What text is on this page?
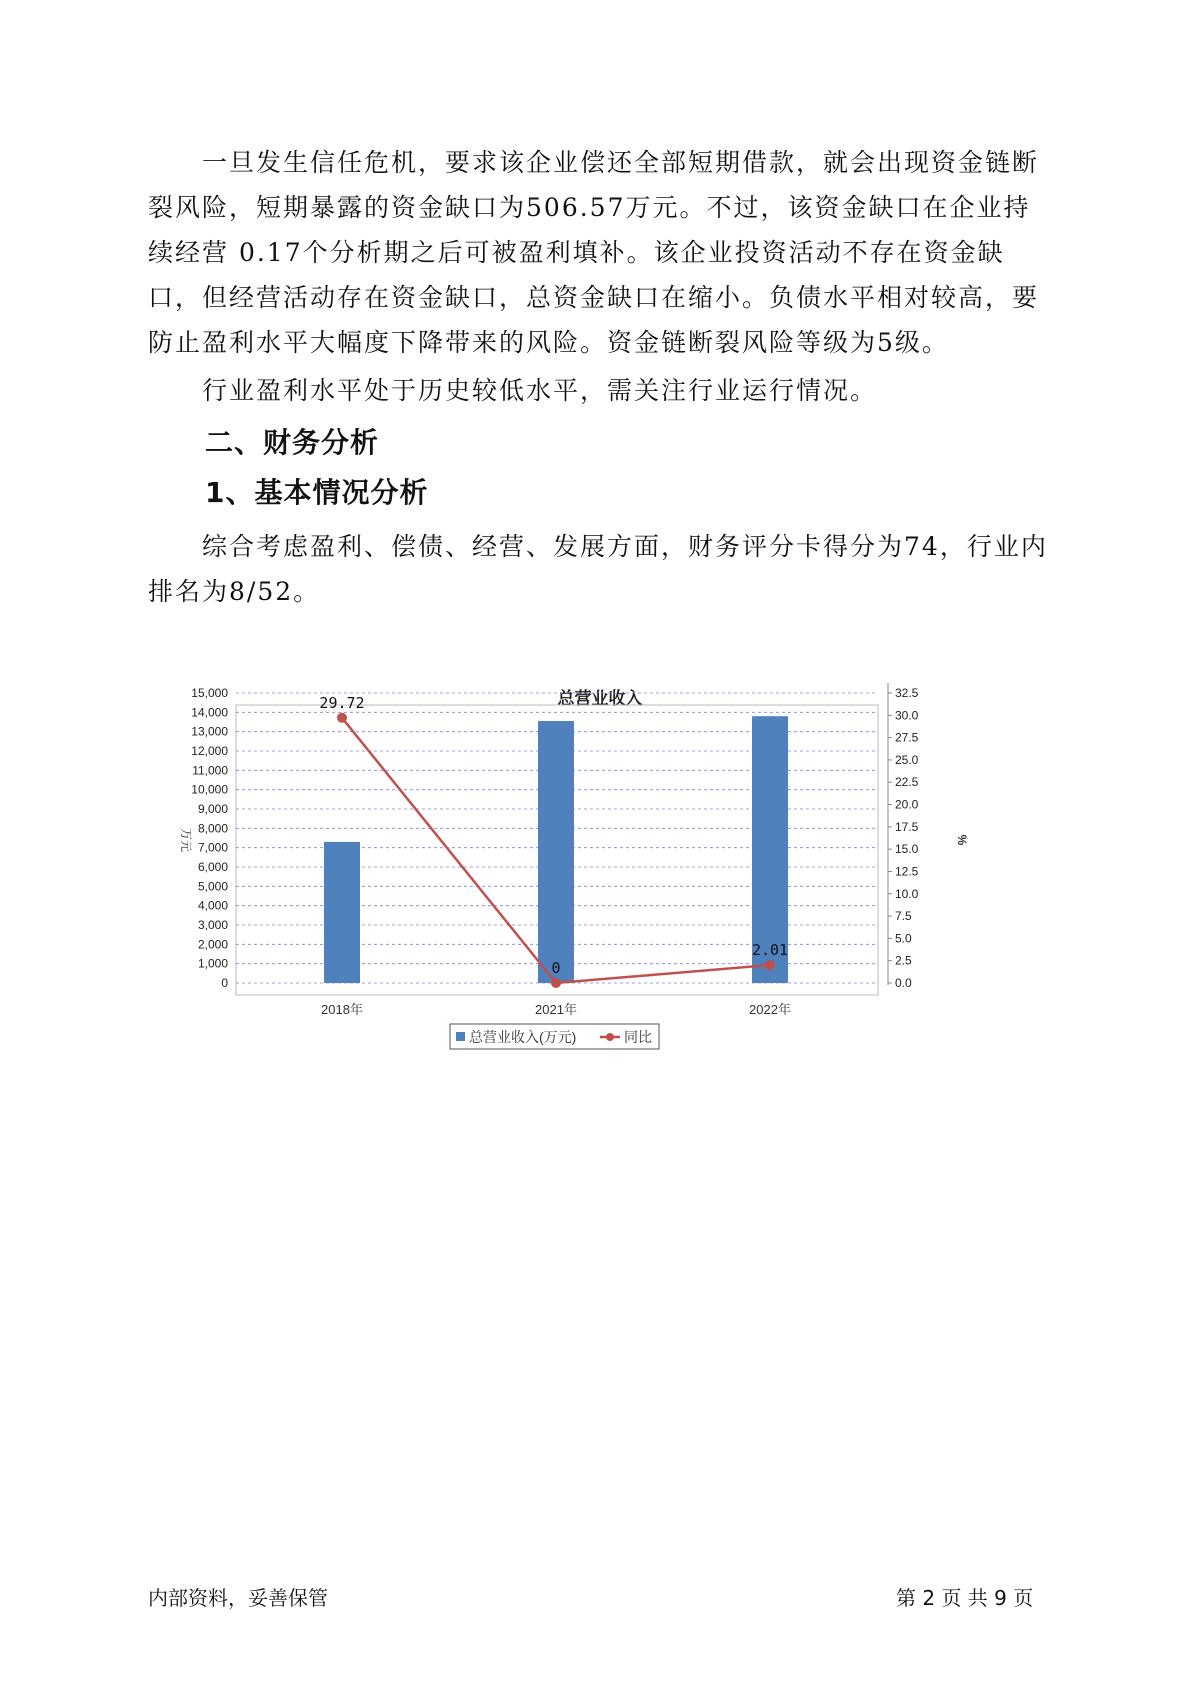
一旦发生信任危机，要求该企业偿还全部短期借款，就会出现资金链断裂风险，短期暴露的资金缺口为506.57万元。不过，该资金缺口在企业持续经营 0.17个分析期之后可被盈利填补。该企业投资活动不存在资金缺口，但经营活动存在资金缺口，总资金缺口在缩小。负债水平相对较高，要防止盈利水平大幅度下降带来的风险。资金链断裂风险等级为5级。

行业盈利水平处于历史较低水平，需关注行业运行情况。

二、财务分析
1、基本情况分析

综合考虑盈利、偿债、经营、发展方面，财务评分卡得分为74，行业内排名为8/52。

总营业收入
0
1,000
2,000
3,000
4,000
5,000
6,000
7,000
8,000
9,000
10,000
11,000
12,000
13,000
14,000
15,000
0.0
2.5
5.0
7.5
10.0
12.5
15.0
17.5
20.0
22.5
25.0
27.5
30.0
32.5
万元	%
2018年	2021年	2022年
29.72
0
2.01
总营业收入(万元)	同比
内部资料，妥善保管	第 2 页 共 9 页
